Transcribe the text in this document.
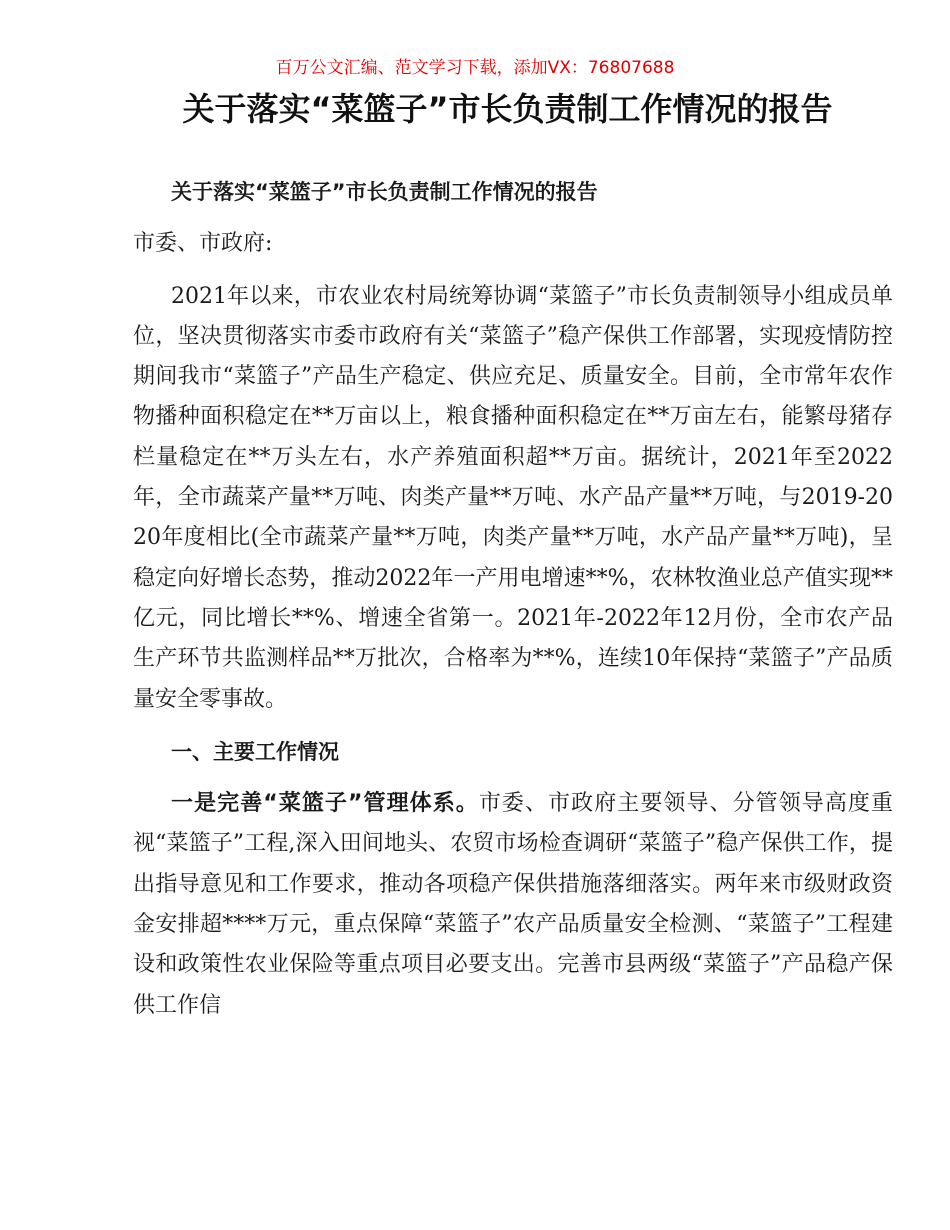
百万公文汇编、范文学习下载，添加VX：76807688
关于落实“菜篮子”市长负责制工作情况的报告

关于落实“菜篮子”市长负责制工作情况的报告

市委、市政府:

2021年以来，市农业农村局统筹协调“菜篮子”市长负责制领导小组成员单位，坚决贯彻落实市委市政府有关“菜篮子”稳产保供工作部署，实现疫情防控期间我市“菜篮子”产品生产稳定、供应充足、质量安全。目前，全市常年农作物播种面积稳定在**万亩以上，粮食播种面积稳定在**万亩左右，能繁母猪存栏量稳定在**万头左右，水产养殖面积超**万亩。据统计，2021年至2022年，全市蔬菜产量**万吨、肉类产量**万吨、水产品产量**万吨，与2019-2020年度相比(全市蔬菜产量**万吨，肉类产量**万吨，水产品产量**万吨)，呈稳定向好增长态势，推动2022年一产用电增速**%，农林牧渔业总产值实现**亿元，同比增长**%、增速全省第一。2021年-2022年12月份，全市农产品生产环节共监测样品**万批次，合格率为**%，连续10年保持“菜篮子”产品质量安全零事故。

一、主要工作情况

一是完善“菜篮子”管理体系。市委、市政府主要领导、分管领导高度重视“菜篮子”工程,深入田间地头、农贸市场检查调研“菜篮子”稳产保供工作，提出指导意见和工作要求，推动各项稳产保供措施落细落实。两年来市级财政资金安排超****万元，重点保障“菜篮子”农产品质量安全检测、“菜篮子”工程建设和政策性农业保险等重点项目必要支出。完善市县两级“菜篮子”产品稳产保供工作信
